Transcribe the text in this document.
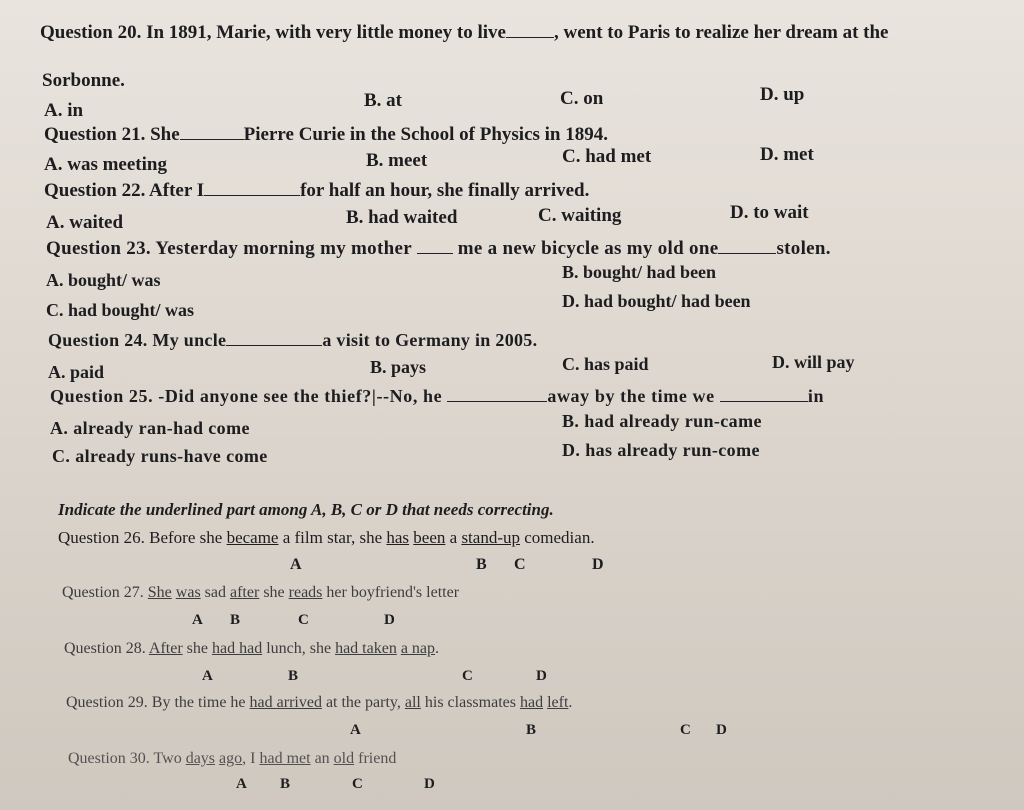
Question 20. In 1891, Marie, with very little money to live	, went to Paris to realize her dream at the
Sorbonne.
A. in	B. at	C. on	D. up
Question 21. She	Pierre Curie in the School of Physics in 1894.
A. was meeting	B. meet	C. had met	D. met
Question 22. After I	for half an hour, she finally arrived.
A. waited	B. had waited	C. waiting	D. to wait
Question 23. Yesterday morning my mother me a new bicycle as my old one	stolen.
A. bought/ was	B. bought/ had been
C. had bought/ was	D. had bought/ had been
Question 24. My uncle	a visit to Germany in 2005.
A. paid	B. pays	C. has paid	D. will pay
Question 25. -Did anyone see the thief?|--No, he	away by the time we	in
A. already ran-had come	B. had already run-came
C. already runs-have come	D. has already run-come
Indicate the underlined part among A, B, C or D that needs correcting.
Question 26. Before she became a film star, she has been a stand-up comedian.
A	B C	D
Question 27. She was sad after she reads her boyfriend's letter
A B	C	D
Question 28. After she had had lunch, she had taken a nap.
A	B	C	D
Question 29. By the time he had arrived at the party, all his classmates had left.
A	B	C D
Question 30. Two days ago, I had met an old friend
A B	C	D
